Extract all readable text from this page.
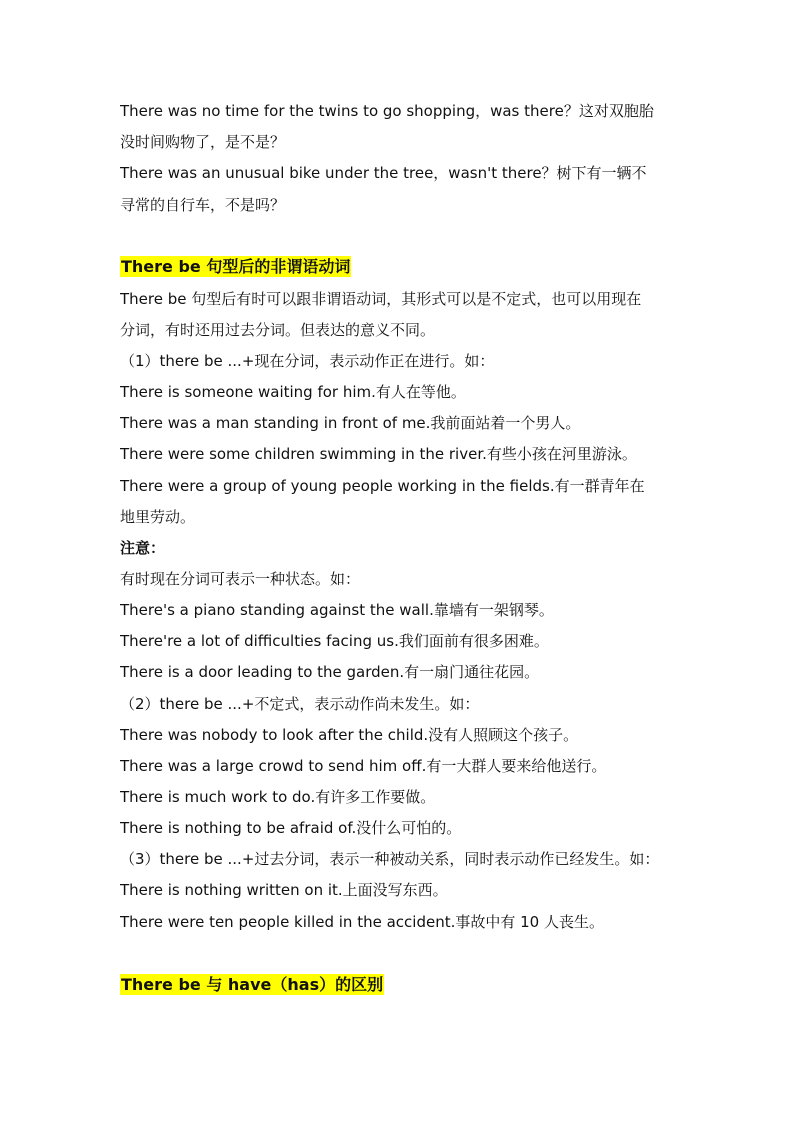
There was no time for the twins to go shopping，was there？这对双胞胎
没时间购物了，是不是？
There was an unusual bike under the tree，wasn't there？树下有一辆不
寻常的自行车，不是吗？
There be 句型后的非谓语动词
There be 句型后有时可以跟非谓语动词，其形式可以是不定式，也可以用现在
分词，有时还用过去分词。但表达的意义不同。
（1）there be ...+现在分词，表示动作正在进行。如：
There is someone waiting for him.有人在等他。
There was a man standing in front of me.我前面站着一个男人。
There were some children swimming in the river.有些小孩在河里游泳。
There were a group of young people working in the fields.有一群青年在
地里劳动。
注意：
有时现在分词可表示一种状态。如：
There's a piano standing against the wall.靠墙有一架钢琴。
There're a lot of difficulties facing us.我们面前有很多困难。
There is a door leading to the garden.有一扇门通往花园。
（2）there be ...+不定式，表示动作尚未发生。如：
There was nobody to look after the child.没有人照顾这个孩子。
There was a large crowd to send him off.有一大群人要来给他送行。
There is much work to do.有许多工作要做。
There is nothing to be afraid of.没什么可怕的。
（3）there be ...+过去分词，表示一种被动关系，同时表示动作已经发生。如：
There is nothing written on it.上面没写东西。
There were ten people killed in the accident.事故中有 10 人丧生。
There be 与 have（has）的区别
